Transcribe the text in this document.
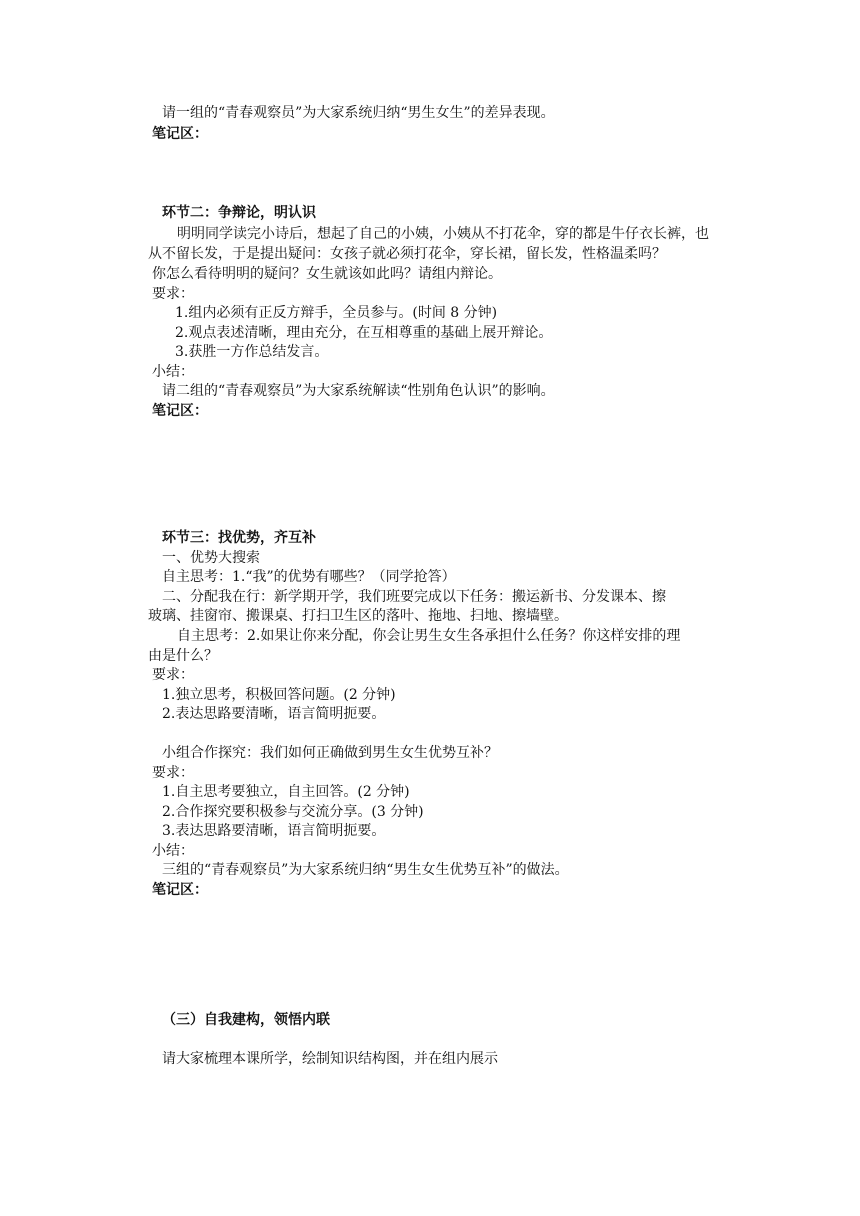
请一组的“青春观察员”为大家系统归纳“男生女生”的差异表现。
笔记区：
环节二：争辩论，明认识
明明同学读完小诗后，想起了自己的小姨，小姨从不打花伞，穿的都是牛仔衣长裤，也
从不留长发，于是提出疑问：女孩子就必须打花伞，穿长裙，留长发，性格温柔吗？
你怎么看待明明的疑问？女生就该如此吗？请组内辩论。
要求：
1.组内必须有正反方辩手，全员参与。(时间 8 分钟)
2.观点表述清晰，理由充分，在互相尊重的基础上展开辩论。
3.获胜一方作总结发言。
小结：
请二组的“青春观察员”为大家系统解读“性别角色认识”的影响。
笔记区：
环节三：找优势，齐互补
一、优势大搜索
自主思考：1.“我”的优势有哪些？（同学抢答）
二、分配我在行：新学期开学，我们班要完成以下任务：搬运新书、分发课本、擦
玻璃、挂窗帘、搬课桌、打扫卫生区的落叶、拖地、扫地、擦墙壁。
自主思考：2.如果让你来分配，你会让男生女生各承担什么任务？你这样安排的理
由是什么？
要求：
1.独立思考，积极回答问题。(2 分钟)
2.表达思路要清晰，语言简明扼要。
小组合作探究：我们如何正确做到男生女生优势互补？
要求：
1.自主思考要独立，自主回答。(2 分钟)
2.合作探究要积极参与交流分享。(3 分钟)
3.表达思路要清晰，语言简明扼要。
小结：
三组的“青春观察员”为大家系统归纳“男生女生优势互补”的做法。
笔记区：
（三）自我建构，领悟内联
请大家梳理本课所学，绘制知识结构图，并在组内展示
